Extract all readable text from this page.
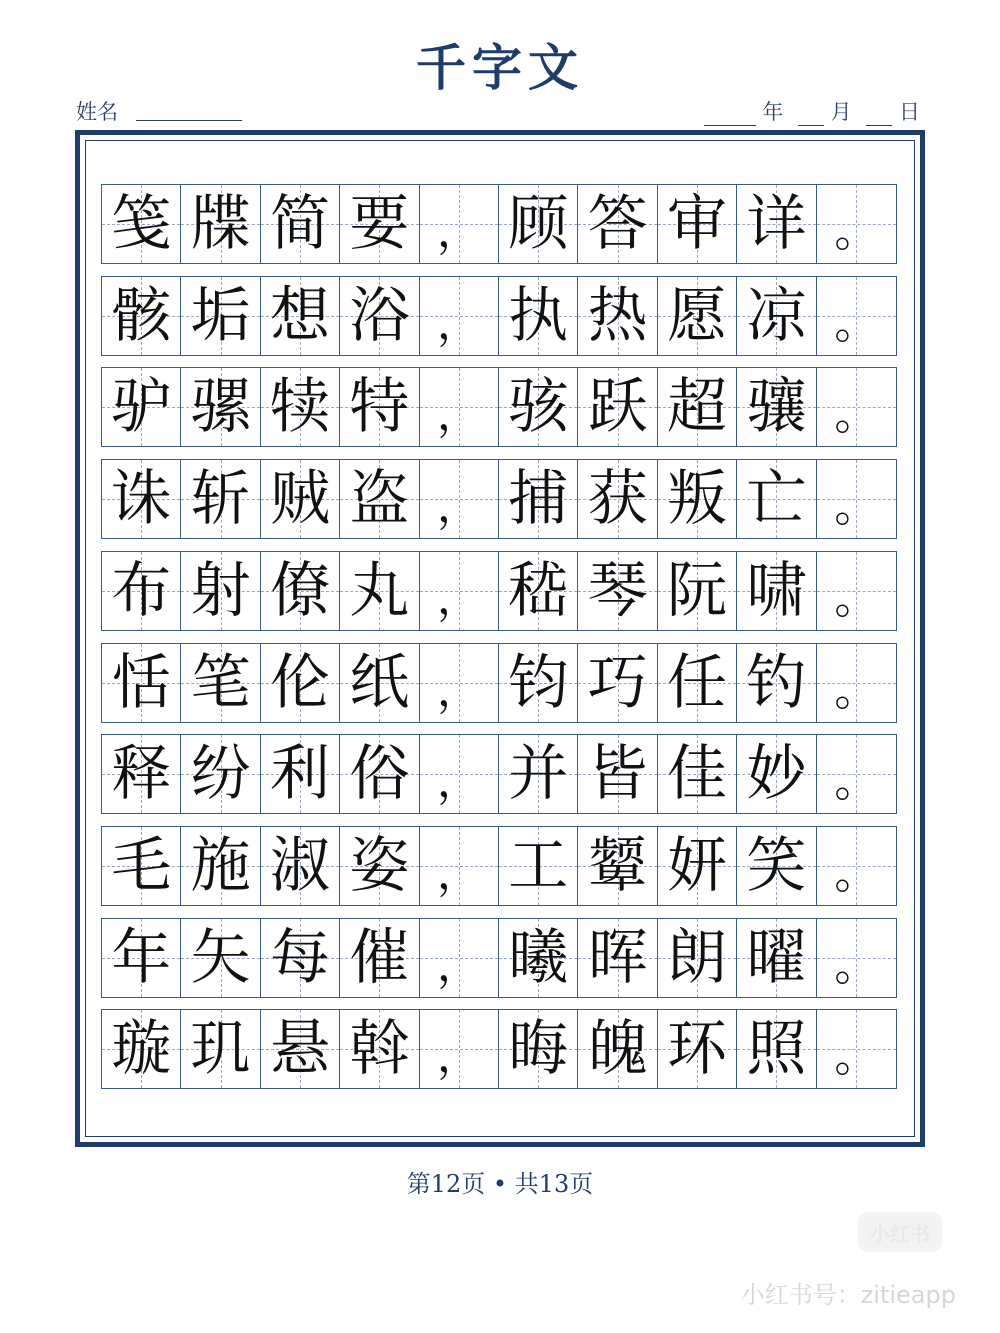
千字文
姓名	年 月 日
笺 牒 简 要 ， 顾 答 审 详 。
骸 垢 想 浴 ， 执 热 愿 凉 。
驴 骡 犊 特 ， 骇 跃 超 骧 。
诛 斩 贼 盗 ， 捕 获 叛 亡 。
布 射 僚 丸 ， 嵇 琴 阮 啸 。
恬 笔 伦 纸 ， 钧 巧 任 钓 。
释 纷 利 俗 ， 并 皆 佳 妙 。
毛 施 淑 姿 ， 工 颦 妍 笑 。
年 矢 每 催 ， 曦 晖 朗 曜 。
璇 玑 悬 斡 ， 晦 魄 环 照 。
第12页 • 共13页
小红书
小红书号：zitieapp
